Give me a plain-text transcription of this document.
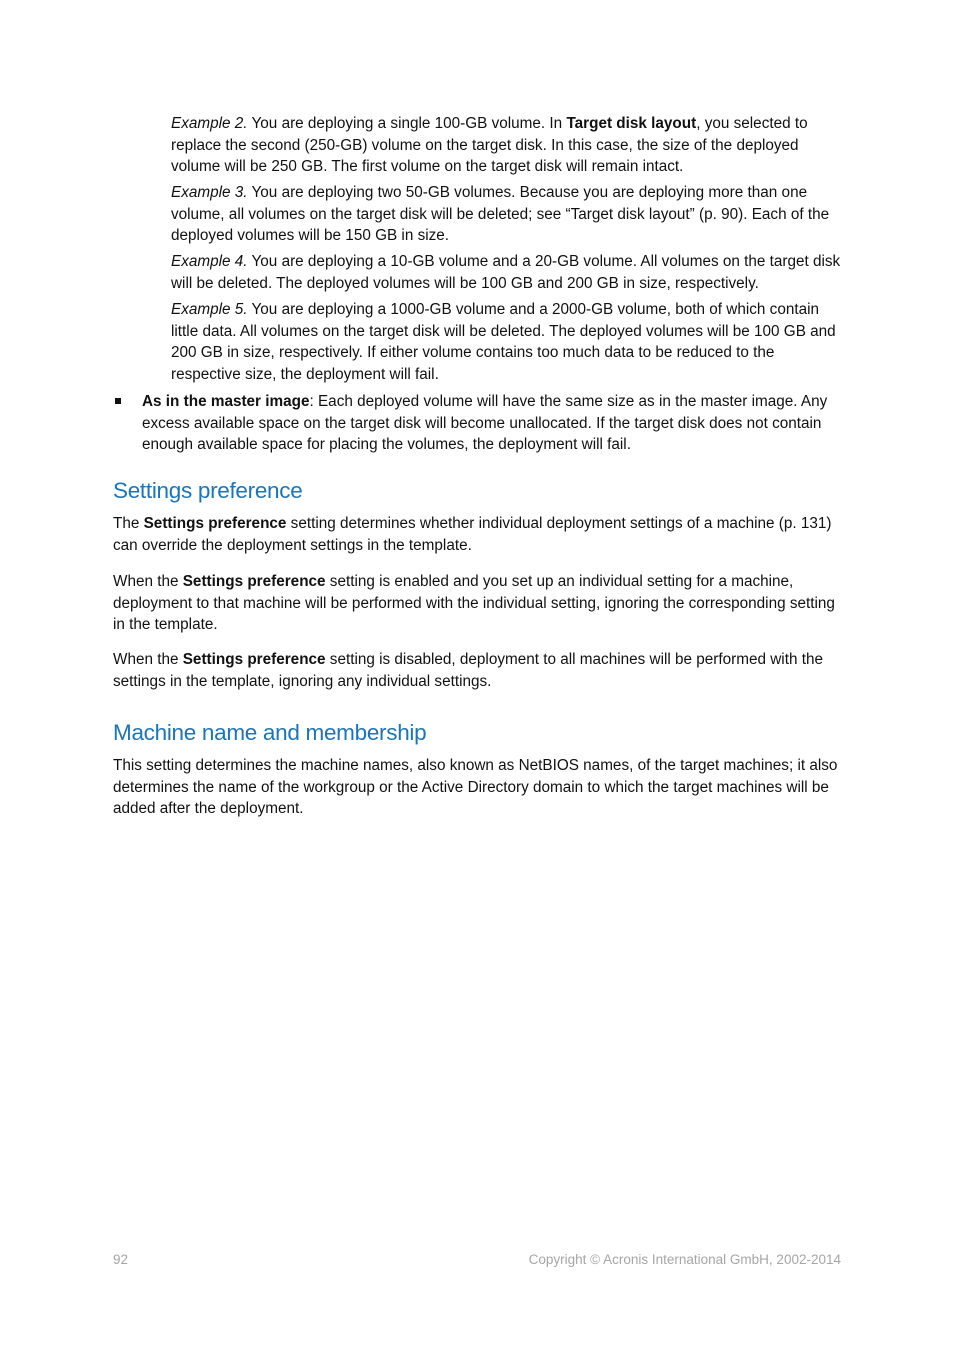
Example 2. You are deploying a single 100-GB volume. In Target disk layout, you selected to replace the second (250-GB) volume on the target disk. In this case, the size of the deployed volume will be 250 GB. The first volume on the target disk will remain intact.

Example 3. You are deploying two 50-GB volumes. Because you are deploying more than one volume, all volumes on the target disk will be deleted; see “Target disk layout” (p. 90). Each of the deployed volumes will be 150 GB in size.

Example 4. You are deploying a 10-GB volume and a 20-GB volume. All volumes on the target disk will be deleted. The deployed volumes will be 100 GB and 200 GB in size, respectively.

Example 5. You are deploying a 1000-GB volume and a 2000-GB volume, both of which contain little data. All volumes on the target disk will be deleted. The deployed volumes will be 100 GB and 200 GB in size, respectively. If either volume contains too much data to be reduced to the respective size, the deployment will fail.

As in the master image: Each deployed volume will have the same size as in the master image. Any excess available space on the target disk will become unallocated. If the target disk does not contain enough available space for placing the volumes, the deployment will fail.

Settings preference

The Settings preference setting determines whether individual deployment settings of a machine (p. 131) can override the deployment settings in the template.

When the Settings preference setting is enabled and you set up an individual setting for a machine, deployment to that machine will be performed with the individual setting, ignoring the corresponding setting in the template.

When the Settings preference setting is disabled, deployment to all machines will be performed with the settings in the template, ignoring any individual settings.

Machine name and membership

This setting determines the machine names, also known as NetBIOS names, of the target machines; it also determines the name of the workgroup or the Active Directory domain to which the target machines will be added after the deployment.

92	Copyright © Acronis International GmbH, 2002-2014
